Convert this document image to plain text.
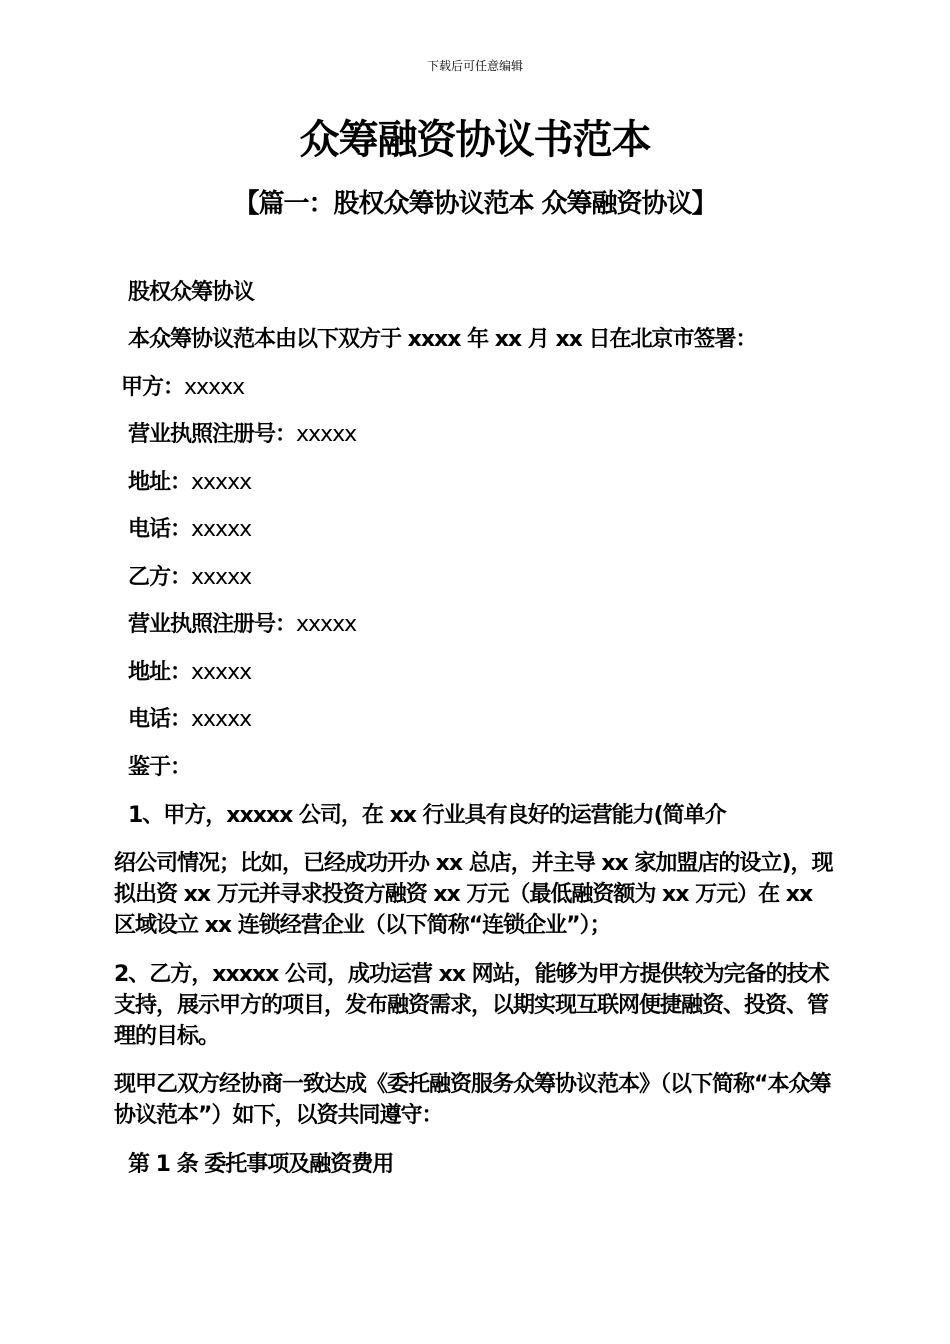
下载后可任意编辑
众筹融资协议书范本
【篇一：股权众筹协议范本 众筹融资协议】
股权众筹协议
本众筹协议范本由以下双方于 xxxx 年 xx 月 xx 日在北京市签署：
甲方：xxxxx
营业执照注册号：xxxxx
地址：xxxxx
电话：xxxxx
乙方：xxxxx
营业执照注册号：xxxxx
地址：xxxxx
电话：xxxxx
鉴于：
1、甲方，xxxxx 公司，在 xx 行业具有良好的运营能力(简单介
绍公司情况；比如，已经成功开办 xx 总店，并主导 xx 家加盟店的设立)，现拟出资 xx 万元并寻求投资方融资 xx 万元（最低融资额为 xx 万元）在 xx 区域设立 xx 连锁经营企业（以下简称“连锁企业”）；
2、乙方，xxxxx 公司，成功运营 xx 网站，能够为甲方提供较为完备的技术支持，展示甲方的项目，发布融资需求，以期实现互联网便捷融资、投资、管理的目标。
现甲乙双方经协商一致达成《委托融资服务众筹协议范本》（以下简称“本众筹协议范本”）如下，以资共同遵守：
第 1 条 委托事项及融资费用
